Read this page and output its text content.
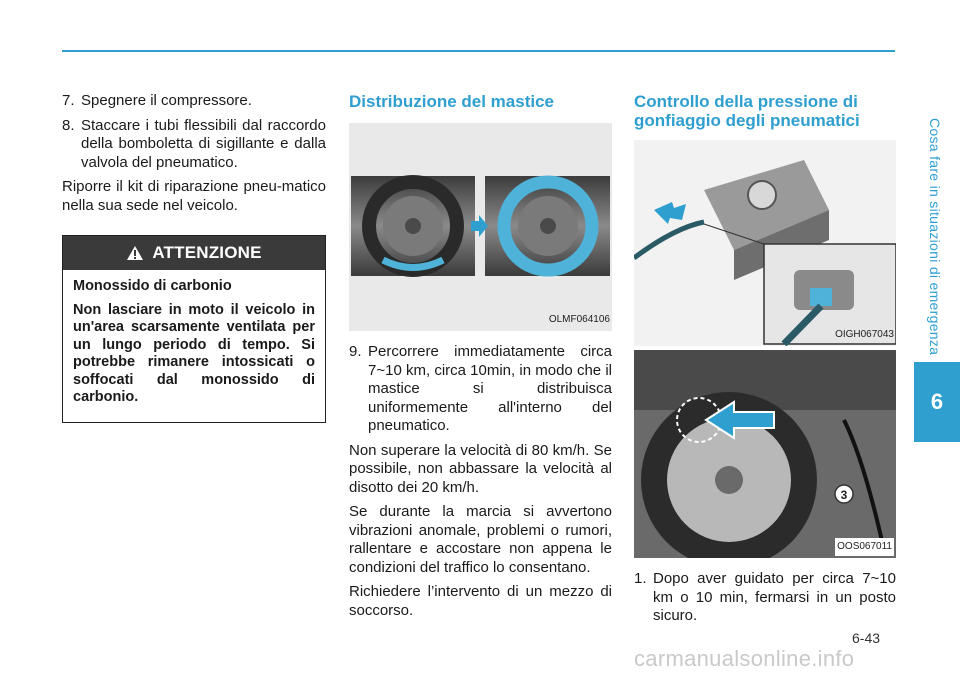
Cosa fare in situazioni di emergenza
6
7. Spegnere il compressore.
8. Staccare i tubi flessibili dal raccordo della bomboletta di sigillante e dalla valvola del pneumatico.

Riporre il kit di riparazione pneu-matico nella sua sede nel veicolo.

ATTENZIONE

Monossido di carbonio

Non lasciare in moto il veicolo in un'area scarsamente ventilata per un lungo periodo di tempo. Si potrebbe rimanere intossicati o soffocati dal monossido di carbonio.

Distribuzione del mastice
OLMF064106
9. Percorrere immediatamente circa 7~10 km, circa 10min, in modo che il mastice si distribuisca uniformemente all'interno del pneumatico.

Non superare la velocità di 80 km/h. Se possibile, non abbassare la velocità al disotto dei 20 km/h.

Se durante la marcia si avvertono vibrazioni anomale, problemi o rumori, rallentare e accostare non appena le condizioni del traffico lo consentano.

Richiedere l’intervento di un mezzo di soccorso.

Controllo della pressione di
gonfiaggio degli pneumatici
OIGH067043
3
OOS067011
1. Dopo aver guidato per circa 7~10 km o 10 min, fermarsi in un posto sicuro.
6-43
carmanualsonline.info
